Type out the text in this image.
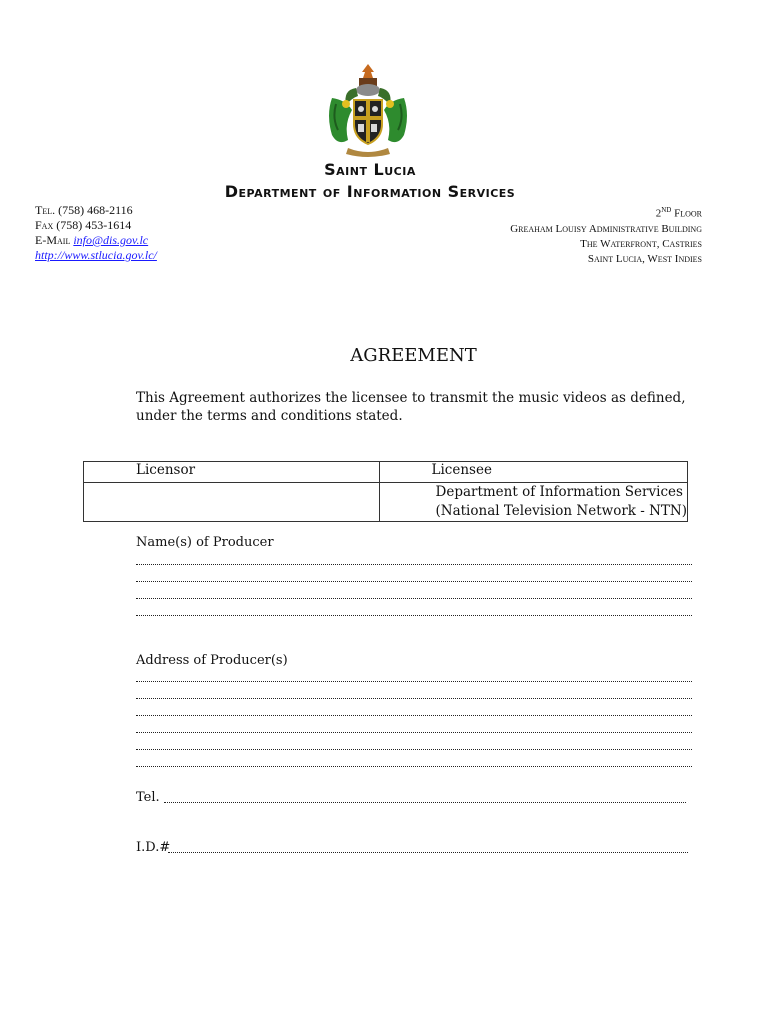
Saint Lucia
Department of Information Services
Tel. (758) 468-2116
Fax (758) 453-1614
E-Mail info@dis.gov.lc
http://www.stlucia.gov.lc/
2ND Floor
Greaham Louisy Administrative Building
The Waterfront, Castries
Saint Lucia, West Indies
AGREEMENT

This Agreement authorizes the licensee to transmit the music videos as defined, under the terms and conditions stated.

Licensor	Licensee

	Department of Information Services
(National Television Network - NTN)
Name(s) of Producer
Address of Producer(s)
Tel.
I.D.#
